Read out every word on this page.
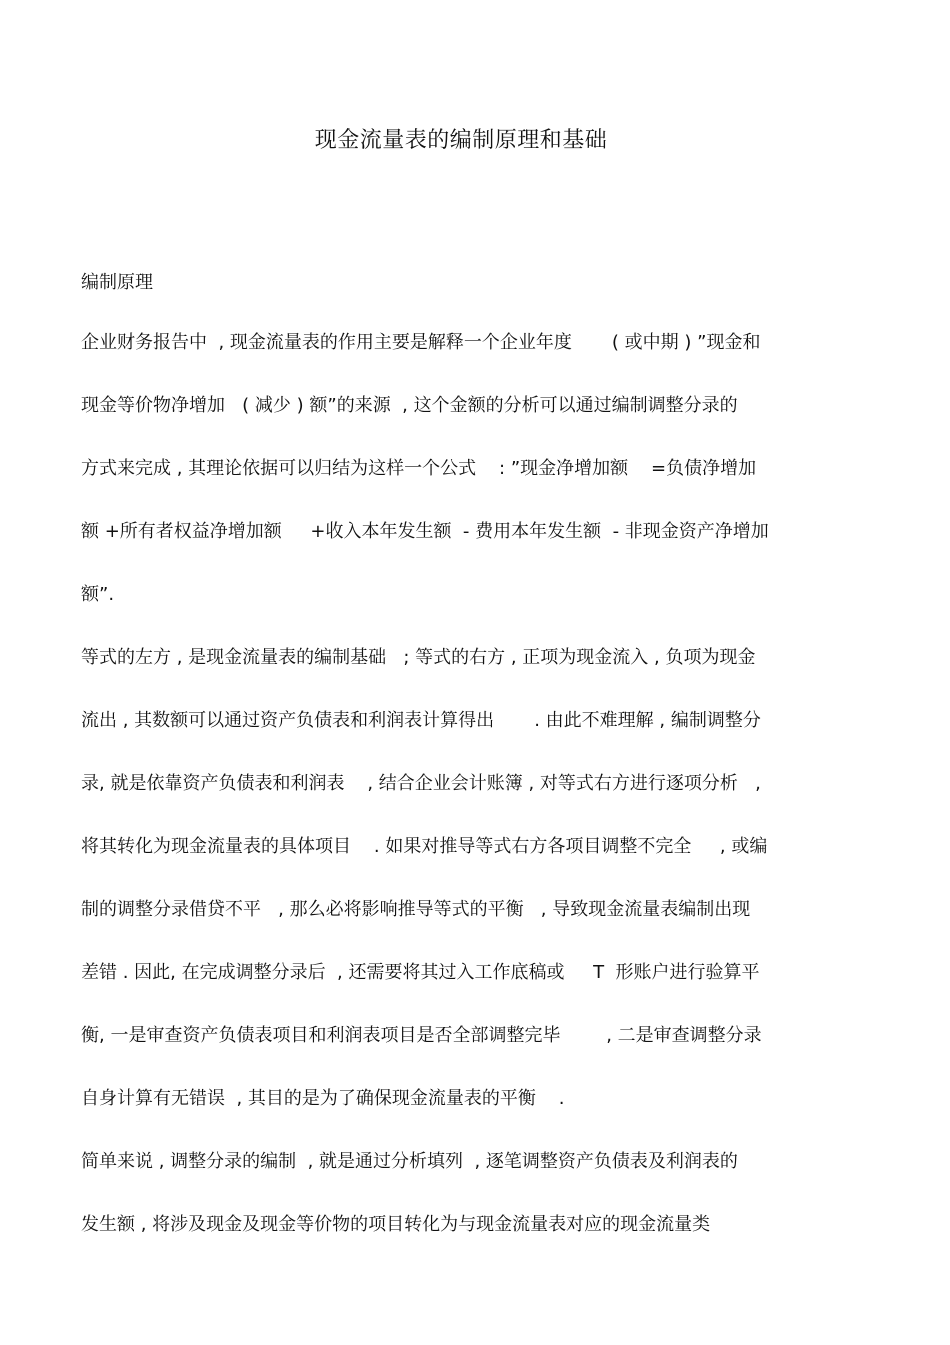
现金流量表的编制原理和基础

编制原理

企业财务报告中  , 现金流量表的作用主要是解释一个企业年度       ( 或中期 ) ”现金和

现金等价物净增加   ( 减少 ) 额”的来源  , 这个金额的分析可以通过编制调整分录的

方式来完成 , 其理论依据可以归结为这样一个公式    : ”现金净增加额    =负债净增加

额 +所有者权益净增加额     +收入本年发生额  - 费用本年发生额  - 非现金资产净增加

额”.

等式的左方 , 是现金流量表的编制基础   ; 等式的右方 , 正项为现金流入 , 负项为现金

流出 , 其数额可以通过资产负债表和利润表计算得出       . 由此不难理解 , 编制调整分

录, 就是依靠资产负债表和利润表    , 结合企业会计账簿 , 对等式右方进行逐项分析   ,

将其转化为现金流量表的具体项目    . 如果对推导等式右方各项目调整不完全     , 或编

制的调整分录借贷不平   , 那么必将影响推导等式的平衡   , 导致现金流量表编制出现

差错 . 因此, 在完成调整分录后  , 还需要将其过入工作底稿或     T  形账户进行验算平

衡, 一是审查资产负债表项目和利润表项目是否全部调整完毕        , 二是审查调整分录

自身计算有无错误  , 其目的是为了确保现金流量表的平衡    .

简单来说 , 调整分录的编制  , 就是通过分析填列  , 逐笔调整资产负债表及利润表的

发生额 , 将涉及现金及现金等价物的项目转化为与现金流量表对应的现金流量类
